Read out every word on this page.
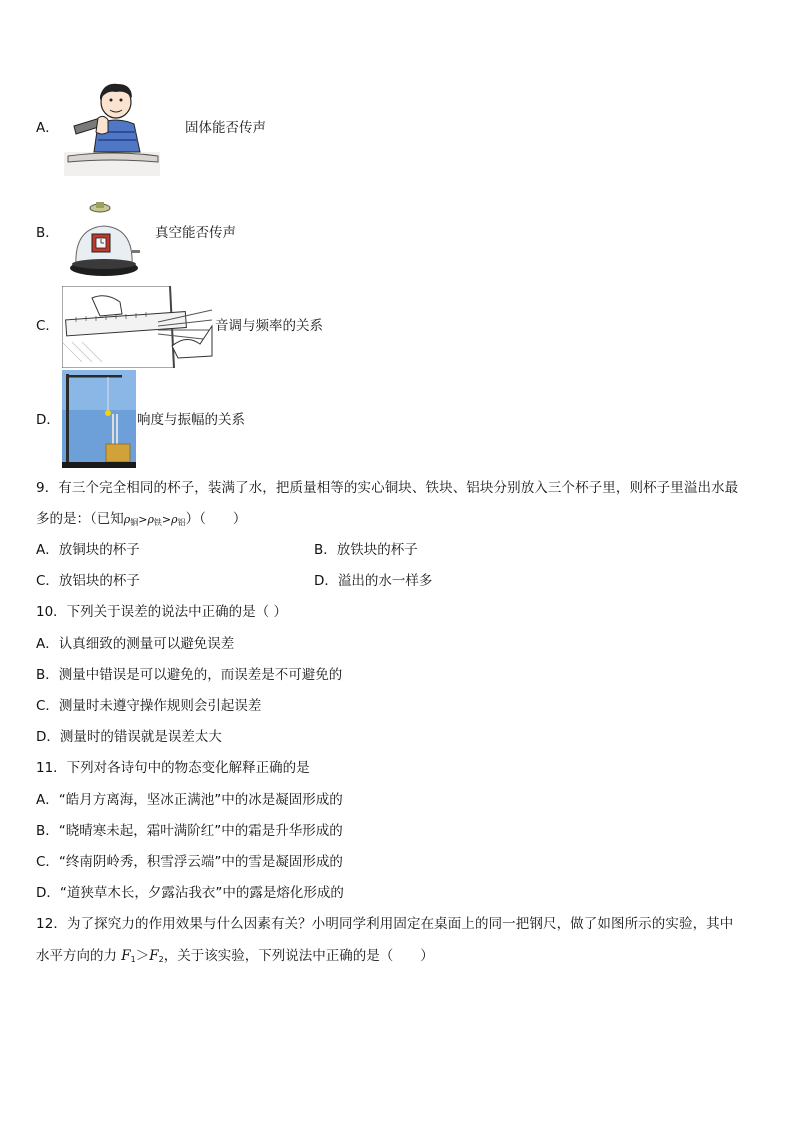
A．	固体能否传声
B．	真空能否传声
C．	音调与频率的关系
D．	响度与振幅的关系
9．有三个完全相同的杯子，装满了水，把质量相等的实心铜块、铁块、铝块分别放入三个杯子里，则杯子里溢出水最
多的是：（已知$\rho_铜>\rho_铁>\rho_铝$）（　　）
A．放铜块的杯子	B．放铁块的杯子
C．放铝块的杯子	D．溢出的水一样多
10．下列关于误差的说法中正确的是（ ）
A．认真细致的测量可以避免误差
B．测量中错误是可以避免的，而误差是不可避免的
C．测量时未遵守操作规则会引起误差
D．测量时的错误就是误差太大
11．下列对各诗句中的物态变化解释正确的是
A．“皓月方离海，坚冰正满池”中的冰是凝固形成的
B．“晓晴寒未起，霜叶满阶红”中的霜是升华形成的
C．“终南阴岭秀，积雪浮云端”中的雪是凝固形成的
D．“道狭草木长，夕露沾我衣”中的露是熔化形成的
12．为了探究力的作用效果与什么因素有关？小明同学利用固定在桌面上的同一把钢尺，做了如图所示的实验，其中
水平方向的力 $F_1>F_2$，关于该实验，下列说法中正确的是（　　）
